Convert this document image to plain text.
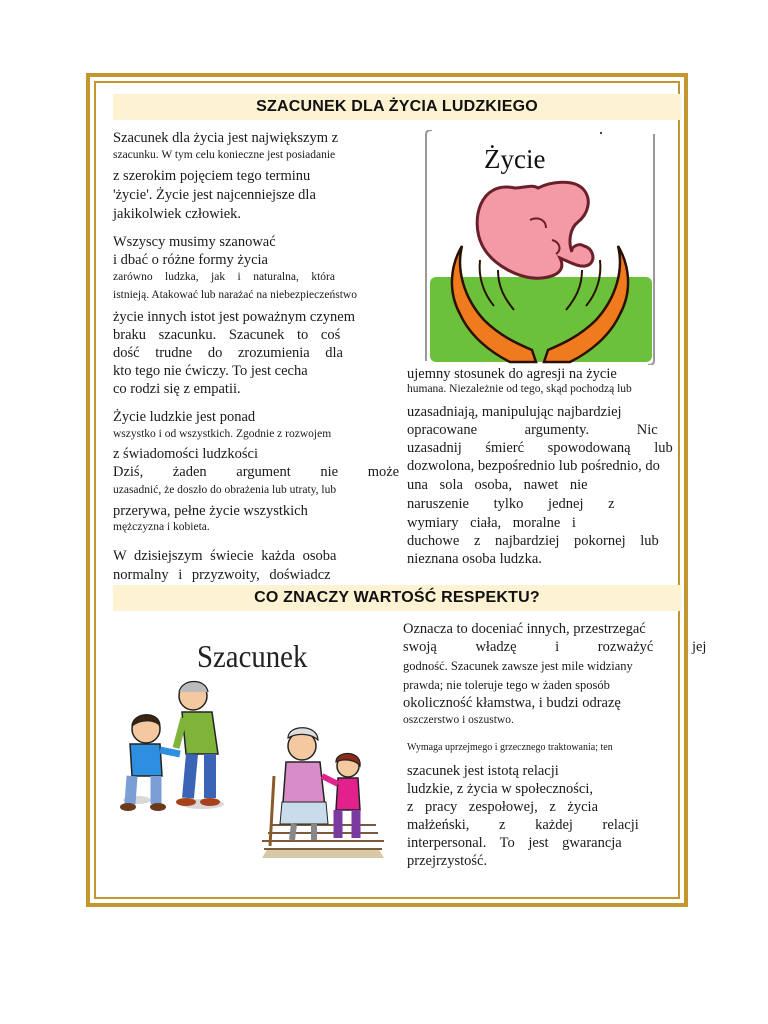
SZACUNEK DLA ŻYCIA LUDZKIEGO
Życie
Szacunek dla życia jest największym z
szacunku. W tym celu konieczne jest posiadanie
z szerokim pojęciem tego terminu
'życie'. Życie jest najcenniejsze dla
jakikolwiek człowiek.
Wszyscy musimy szanować
i dbać o różne formy życia
zarówno ludzka, jak i naturalna, która
istnieją. Atakować lub narażać na niebezpieczeństwo
życie innych istot jest poważnym czynem
braku szacunku. Szacunek to coś
dość trudne do zrozumienia dla
kto tego nie ćwiczy. To jest cecha
co rodzi się z empatii.
Życie ludzkie jest ponad
wszystko i od wszystkich. Zgodnie z rozwojem
z świadomości ludzkości
Dziś, żaden argument nie może
uzasadnić, że doszło do obrażenia lub utraty, lub
przerywa, pełne życie wszystkich
mężczyzna i kobieta.
W dzisiejszym świecie każda osoba
normalny i przyzwoity, doświadcz
ujemny stosunek do agresji na życie
humana. Niezależnie od tego, skąd pochodzą lub
uzasadniają, manipulując najbardziej
opracowane argumenty. Nic
uzasadnij śmierć spowodowaną lub
dozwolona, bezpośrednio lub pośrednio, do
una sola osoba, nawet nie
naruszenie tylko jednej z
wymiary ciała, moralne i
duchowe z najbardziej pokornej lub
nieznana osoba ludzka.
CO ZNACZY WARTOŚĆ RESPEKTU?
Szacunek
Oznacza to doceniać innych, przestrzegać
swoją władzę i rozważyć jej
godność. Szacunek zawsze jest mile widziany
prawda; nie toleruje tego w żaden sposób
okoliczność kłamstwa, i budzi odrazę
oszczerstwo i oszustwo.
Wymaga uprzejmego i grzecznego traktowania; ten
szacunek jest istotą relacji
ludzkie, z życia w społeczności,
z pracy zespołowej, z życia
małżeński, z każdej relacji
interpersonal. To jest gwarancja
przejrzystość.
